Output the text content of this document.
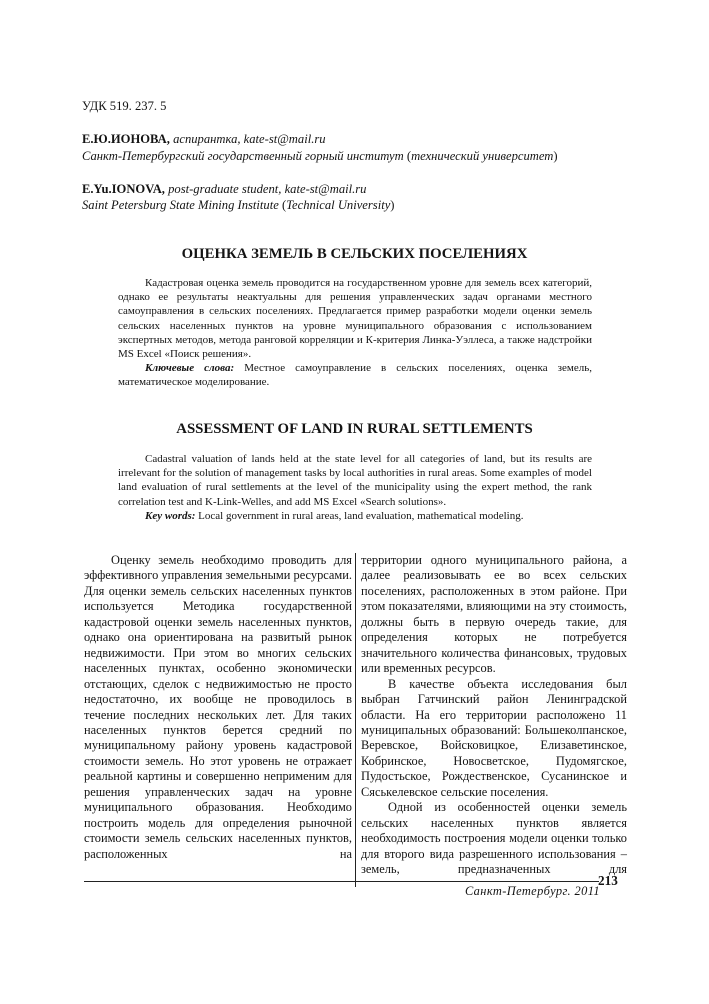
УДК 519. 237. 5
Е.Ю.ИОНОВА, аспирантка, kate-st@mail.ru
Санкт-Петербургский государственный горный институт (технический университет)
E.Yu.IONOVA, post-graduate student, kate-st@mail.ru
Saint Petersburg State Mining Institute (Technical University)
ОЦЕНКА ЗЕМЕЛЬ В СЕЛЬСКИХ ПОСЕЛЕНИЯХ

Кадастровая оценка земель проводится на государственном уровне для земель всех категорий, однако ее результаты неактуальны для решения управленческих задач органами местного самоуправления в сельских поселениях. Предлагается пример разработки модели оценки земель сельских населенных пунктов на уровне муниципального образования с использованием экспертных методов, метода ранговой корреляции и К-критерия Линка-Уэллеса, а также надстройки MS Excel «Поиск решения».

Ключевые слова: Местное самоуправление в сельских поселениях, оценка земель, математическое моделирование.

ASSESSMENT OF LAND IN RURAL SETTLEMENTS

Cadastral valuation of lands held at the state level for all categories of land, but its results are irrelevant for the solution of management tasks by local authorities in rural areas. Some examples of model land evaluation of rural settlements at the level of the municipality using the expert method, the rank correlation test and K-Link-Welles, and add MS Excel «Search solutions».

Key words: Local government in rural areas, land evaluation, mathematical modeling.

Оценку земель необходимо проводить для эффективного управления земельными ресурсами. Для оценки земель сельских населенных пунктов используется Методика государственной кадастровой оценки земель населенных пунктов, однако она ориентирована на развитый рынок недвижимости. При этом во многих сельских населенных пунктах, особенно экономически отстающих, сделок с недвижимостью не просто недостаточно, их вообще не проводилось в течение последних нескольких лет. Для таких населенных пунктов берется средний по муниципальному району уровень кадастровой стоимости земель. Но этот уровень не отражает реальной картины и совершенно неприменим для решения управленческих задач на уровне муниципального образования. Необходимо построить модель для определения рыночной стоимости земель сельских населенных пунктов, расположенных на

территории одного муниципального района, а далее реализовывать ее во всех сельских поселениях, расположенных в этом районе. При этом показателями, влияющими на эту стоимость, должны быть в первую очередь такие, для определения которых не потребуется значительного количества финансовых, трудовых или временных ресурсов.

В качестве объекта исследования был выбран Гатчинский район Ленинградской области. На его территории расположено 11 муниципальных образований: Большеколпанское, Веревское, Войсковицкое, Елизаветинское, Кобринское, Новосветское, Пудомягское, Пудостьское, Рождественское, Сусанинское и Сяськелевское сельские поселения.

Одной из особенностей оценки земель сельских населенных пунктов является необходимость построения модели оценки только для второго вида разрешенного использования – земель, предназначенных для

Санкт-Петербург. 2011
213
